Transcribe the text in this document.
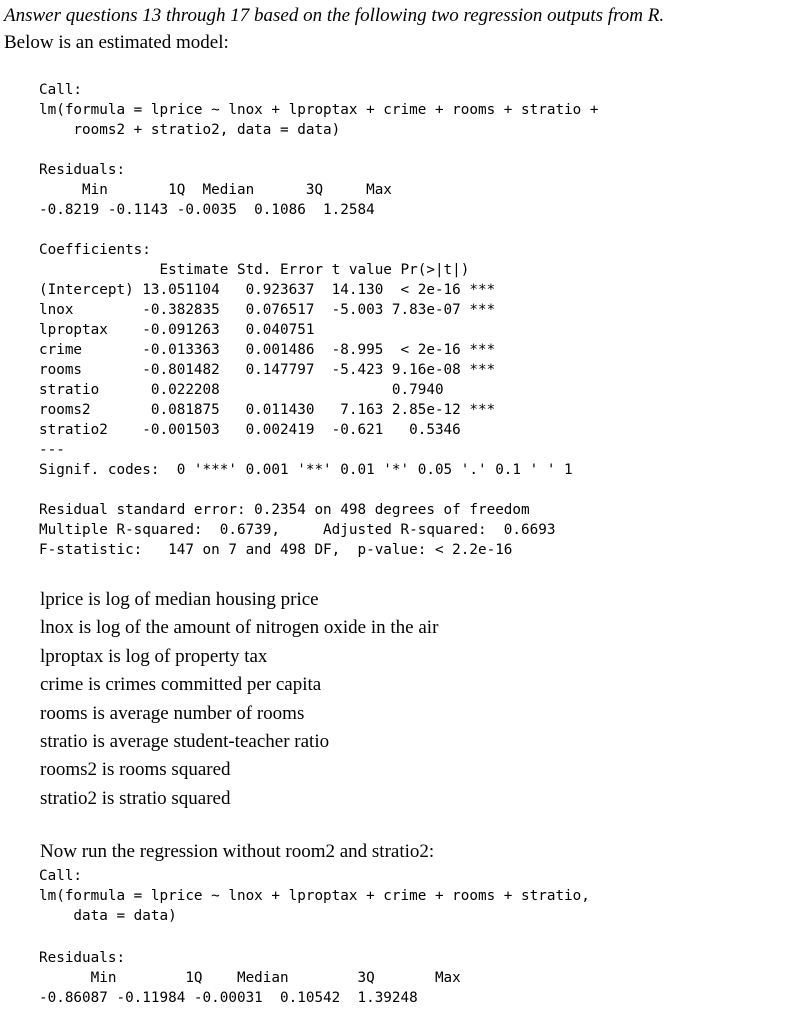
Answer questions 13 through 17 based on the following two regression outputs from R.
Below is an estimated model:
Call:
lm(formula = lprice ~ lnox + lproptax + crime + rooms + stratio +
rooms2 + stratio2, data = data)
Residuals:
Min       1Q  Median      3Q     Max
-0.8219 -0.1143 -0.0035  0.1086  1.2584
Coefficients:
Estimate Std. Error t value Pr(>|t|)
(Intercept) 13.051104   0.923637  14.130  < 2e-16 ***
lnox        -0.382835   0.076517  -5.003 7.83e-07 ***
lproptax    -0.091263   0.040751
crime       -0.013363   0.001486  -8.995  < 2e-16 ***
rooms       -0.801482   0.147797  -5.423 9.16e-08 ***
stratio      0.022208                    0.7940
rooms2       0.081875   0.011430   7.163 2.85e-12 ***
stratio2    -0.001503   0.002419  -0.621   0.5346
---
Signif. codes:  0 '***' 0.001 '**' 0.01 '*' 0.05 '.' 0.1 ' ' 1
Residual standard error: 0.2354 on 498 degrees of freedom
Multiple R-squared:  0.6739,     Adjusted R-squared:  0.6693
F-statistic:   147 on 7 and 498 DF,  p-value: < 2.2e-16
lprice is log of median housing price
lnox is log of the amount of nitrogen oxide in the air
lproptax is log of property tax
crime is crimes committed per capita
rooms is average number of rooms
stratio is average student-teacher ratio
rooms2 is rooms squared
stratio2 is stratio squared
Now run the regression without room2 and stratio2:
Call:
lm(formula = lprice ~ lnox + lproptax + crime + rooms + stratio,
data = data)
Residuals:
Min        1Q    Median        3Q       Max
-0.86087 -0.11984 -0.00031  0.10542  1.39248
